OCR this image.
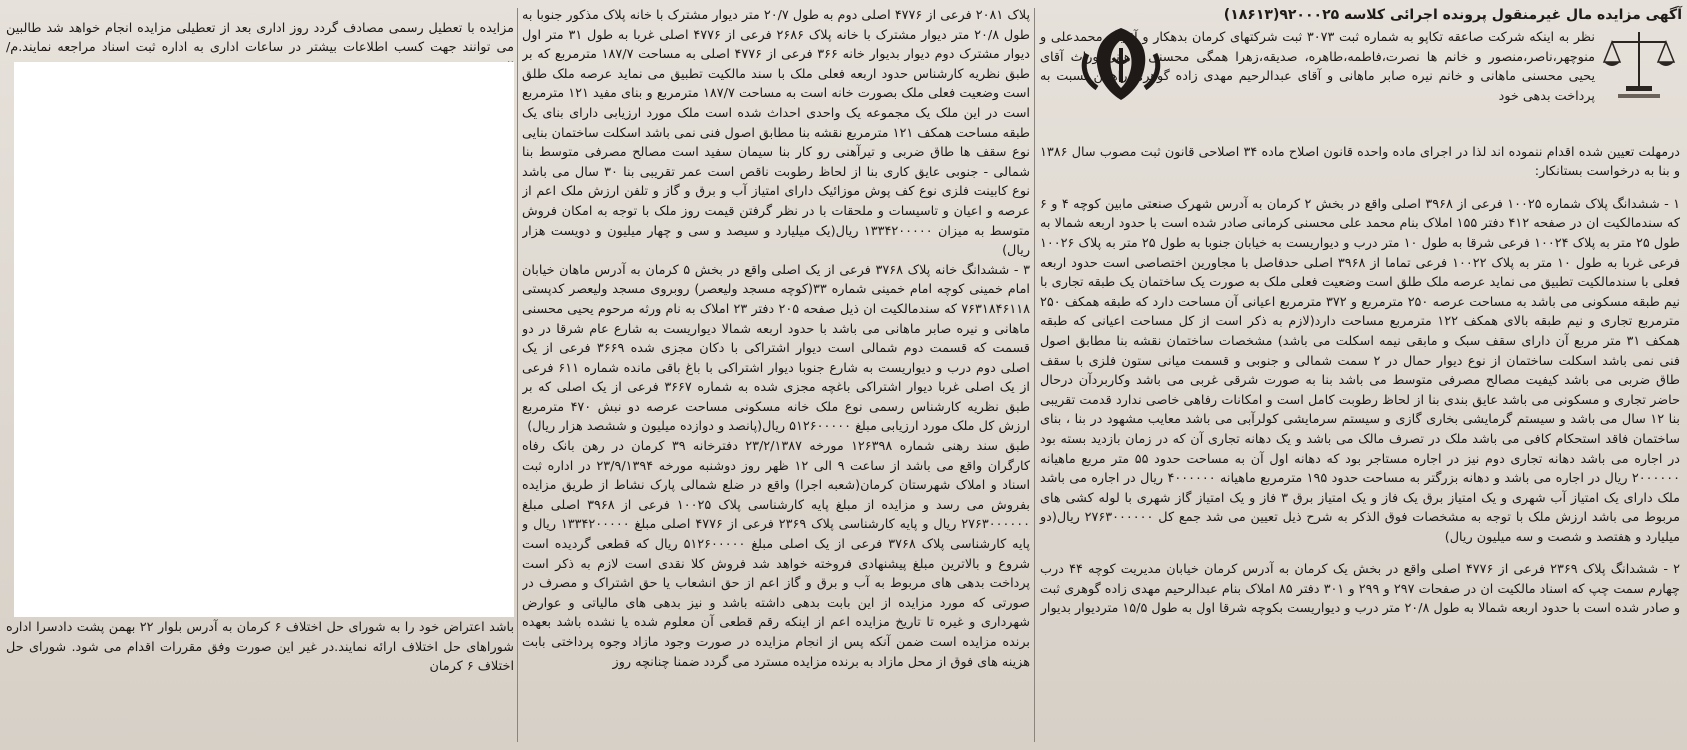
آگهی مزایده مال غیرمنقول پرونده اجرائی کلاسه ۹۲۰۰۰۲۵(۱۸۶۱۳)
نظر به اینکه شرکت صاعقه تکاپو به شماره ثبت ۳۰۷۳ ثبت شرکتهای کرمان بدهکار و آقایان محمدعلی و منوچهر،ناصر،منصور و خانم ها نصرت،فاطمه،طاهره، صدیقه،زهرا همگی محسنی ماهانی وراث آقای یحیی محسنی ماهانی و خانم نیره صابر ماهانی و آقای عبدالرحیم مهدی زاده گوهری راهنین نسبت به پرداخت بدهی خود

درمهلت تعیین شده اقدام ننموده اند لذا در اجرای ماده واحده قانون اصلاح ماده ۳۴ اصلاحی قانون ثبت مصوب سال ۱۳۸۶ و بنا به درخواست بستانکار:

۱ - ششدانگ پلاک شماره ۱۰۰۲۵ فرعی از ۳۹۶۸ اصلی واقع در بخش ۲ کرمان به آدرس شهرک صنعتی مابین کوچه ۴ و ۶ که سندمالکیت ان در صفحه ۴۱۲ دفتر ۱۵۵ املاک بنام محمد علی محسنی کرمانی صادر شده است با حدود اربعه شمالا به طول ۲۵ متر به پلاک ۱۰۰۲۴ فرعی شرقا به طول ۱۰ متر درب و دیواریست به خیابان جنوبا به طول ۲۵ متر به پلاک ۱۰۰۲۶ فرعی غربا به طول ۱۰ متر به پلاک ۱۰۰۲۲ فرعی تماما از ۳۹۶۸ اصلی حدفاصل با مجاورین اختصاصی است حدود اربعه فعلی با سندمالکیت تطبیق می نماید عرصه ملک طلق است وضعیت فعلی ملک به صورت یک ساختمان یک طبقه تجاری با نیم طبقه مسکونی می باشد به مساحت عرصه ۲۵۰ مترمربع و ۳۷۲ مترمربع اعیانی آن مساحت دارد که طبقه همکف ۲۵۰ مترمربع تجاری و نیم طبقه بالای همکف ۱۲۲ مترمربع مساحت دارد(لازم به ذکر است از کل مساحت اعیانی که طبقه همکف ۳۱ متر مربع آن دارای سقف سبک و مابقی نیمه اسکلت می باشد) مشخصات ساختمان نقشه بنا مطابق اصول فنی نمی باشد اسکلت ساختمان از نوع دیوار حمال در ۲ سمت شمالی و جنوبی و قسمت میانی ستون فلزی با سقف طاق ضربی می باشد کیفیت مصالح مصرفی متوسط می باشد بنا به صورت شرقی غربی می باشد وکاربردآن درحال حاضر تجاری و مسکونی می باشد عایق بندی بنا از لحاظ رطوبت کامل است و امکانات رفاهی خاصی ندارد قدمت تقریبی بنا ۱۲ سال می باشد و سیستم گرمایشی بخاری گازی و سیستم سرمایشی کولرآبی می باشد معایب مشهود در بنا ، بنای ساختمان فاقد استحکام کافی می باشد ملک در تصرف مالک می باشد و یک دهانه تجاری آن که در زمان بازدید بسته بود در اجاره می باشد دهانه تجاری دوم نیز در اجاره مستاجر بود که دهانه اول آن به مساحت حدود ۵۵ متر مربع ماهیانه ۲۰۰۰۰۰۰ ریال در اجاره می باشد و دهانه بزرگتر به مساحت حدود ۱۹۵ مترمربع ماهیانه ۴۰۰۰۰۰۰ ریال در اجاره می باشد ملک دارای یک امتیاز آب شهری و یک امتیاز برق یک فاز و یک امتیاز برق ۳ فاز و یک امتیاز گاز شهری با لوله کشی های مربوط می باشد ارزش ملک با توجه به مشخصات فوق الذکر به شرح ذیل تعیین می شد جمع کل ۲۷۶۳۰۰۰۰۰۰ ریال(دو میلیارد و هفتصد و شصت و سه میلیون ریال)

۲ - ششدانگ پلاک ۲۳۶۹ فرعی از ۴۷۷۶ اصلی واقع در بخش یک کرمان به آدرس کرمان خیابان مدیریت کوچه ۴۴ درب چهارم سمت چپ که اسناد مالکیت ان در صفحات ۲۹۷ و ۲۹۹ و ۳۰۱ دفتر ۸۵ املاک بنام عبدالرحیم مهدی زاده گوهری ثبت و صادر شده است با حدود اربعه شمالا به طول ۲۰/۸ متر درب و دیواریست بکوچه شرقا اول به طول ۱۵/۵ متردیوار بدیوار

پلاک ۲۰۸۱ فرعی از ۴۷۷۶ اصلی دوم به طول ۲۰/۷ متر دیوار مشترک با خانه پلاک مذکور جنوبا به طول ۲۰/۸ متر دیوار مشترک با خانه پلاک ۲۶۸۶ فرعی از ۴۷۷۶ اصلی غربا به طول ۳۱ متر اول دیوار مشترک دوم دیوار بدیوار خانه ۳۶۶ فرعی از ۴۷۷۶ اصلی به مساحت ۱۸۷/۷ مترمربع که بر طبق نظریه کارشناس حدود اربعه فعلی ملک با سند مالکیت تطبیق می نماید عرصه ملک طلق است وضعیت فعلی ملک بصورت خانه است به مساحت ۱۸۷/۷ مترمربع و بنای مفید ۱۲۱ مترمربع است در این ملک یک مجموعه یک واحدی احداث شده است ملک مورد ارزیابی دارای بنای یک طبقه مساحت همکف ۱۲۱ مترمربع نقشه بنا مطابق اصول فنی نمی باشد اسکلت ساختمان بنایی نوع سقف ها طاق ضربی و تیرآهنی رو کار بنا سیمان سفید است مصالح مصرفی متوسط بنا شمالی - جنوبی عایق کاری بنا از لحاظ رطوبت ناقص است عمر تقریبی بنا ۳۰ سال می باشد نوع کابینت فلزی نوع کف پوش موزائیک دارای امتیاز آب و برق و گاز و تلفن ارزش ملک اعم از عرصه و اعیان و تاسیسات و ملحقات با در نظر گرفتن قیمت روز ملک با توجه به امکان فروش متوسط به میزان ۱۳۳۴۲۰۰۰۰۰ ریال(یک میلیارد و سیصد و سی و چهار میلیون و دویست هزار ریال)

۳ - ششدانگ خانه پلاک ۳۷۶۸ فرعی از یک اصلی واقع در بخش ۵ کرمان به آدرس ماهان خیابان امام خمینی کوچه امام خمینی شماره ۳۳(کوچه مسجد ولیعصر) روبروی مسجد ولیعصر کدپستی ۷۶۳۱۸۴۶۱۱۸ که سندمالکیت ان ذیل صفحه ۲۰۵ دفتر ۲۳ املاک به نام ورثه مرحوم یحیی محسنی ماهانی و نیره صابر ماهانی می باشد با حدود اربعه شمالا دیواریست به شارع عام شرقا در دو قسمت که قسمت دوم شمالی است دیوار اشتراکی با دکان مجزی شده ۳۶۶۹ فرعی از یک اصلی دوم درب و دیواریست به شارع جنوبا دیوار اشتراکی با باغ باقی مانده شماره ۶۱۱ فرعی از یک اصلی غربا دیوار اشتراکی باغچه مجزی شده به شماره ۳۶۶۷ فرعی از یک اصلی که بر طبق نظریه کارشناس رسمی نوع ملک خانه مسکونی مساحت عرصه دو نبش ۴۷۰ مترمربع ارزش کل ملک مورد ارزیابی مبلغ ۵۱۲۶۰۰۰۰۰ ریال(پانصد و دوازده میلیون و ششصد هزار ریال)

طبق سند رهنی شماره ۱۲۶۳۹۸ مورخه ۲۳/۲/۱۳۸۷ دفترخانه ۳۹ کرمان در رهن بانک رفاه کارگران واقع می باشد از ساعت ۹ الی ۱۲ ظهر روز دوشنبه مورخه ۲۳/۹/۱۳۹۴ در اداره ثبت اسناد و املاک شهرستان کرمان(شعبه اجرا) واقع در ضلع شمالی پارک نشاط از طریق مزایده بفروش می رسد و مزایده از مبلغ پایه کارشناسی پلاک ۱۰۰۲۵ فرعی از ۳۹۶۸ اصلی مبلغ ۲۷۶۳۰۰۰۰۰۰ ریال و پایه کارشناسی پلاک ۲۳۶۹ فرعی از ۴۷۷۶ اصلی مبلغ ۱۳۳۴۲۰۰۰۰۰ ریال و پایه کارشناسی پلاک ۳۷۶۸ فرعی از یک اصلی مبلغ ۵۱۲۶۰۰۰۰۰ ریال که قطعی گردیده است شروع و بالاترین مبلغ پیشنهادی فروخته خواهد شد فروش کلا نقدی است لازم به ذکر است پرداخت بدهی های مربوط به آب و برق و گاز اعم از حق انشعاب یا حق اشتراک و مصرف در صورتی که مورد مزایده از این بابت بدهی داشته باشد و نیز بدهی های مالیاتی و عوارض شهرداری و غیره تا تاریخ مزایده اعم از اینکه رقم قطعی آن معلوم شده یا نشده باشد بعهده برنده مزایده است ضمن آنکه پس از انجام مزایده در صورت وجود مازاد وجوه پرداختی بابت هزینه های فوق از محل مازاد به برنده مزایده مسترد می گردد ضمنا چنانچه روز

مزایده با تعطیل رسمی مصادف گردد روز اداری بعد از تعطیلی مزایده انجام خواهد شد طالبین می توانند جهت کسب اطلاعات بیشتر در ساعات اداری به اداره ثبت اسناد مراجعه نمایند.م/

باشد اعتراض خود را به شورای حل اختلاف ۶ کرمان به آدرس بلوار ۲۲ بهمن پشت دادسرا اداره شوراهای حل اختلاف ارائه نمایند.در غیر این صورت وفق مقررات اقدام می شود. شورای حل اختلاف ۶ کرمان
